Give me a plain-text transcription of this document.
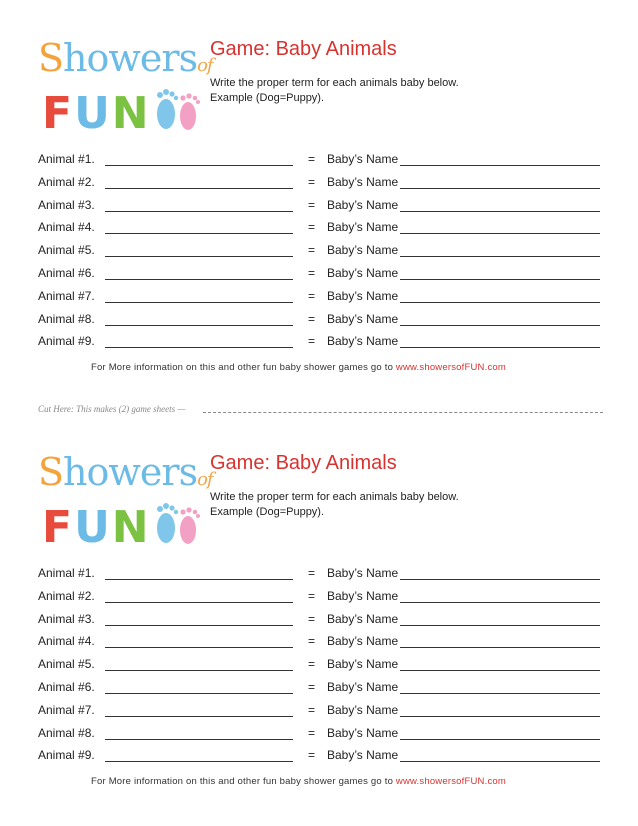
Showersof
FUN
Game: Baby Animals
Write the proper term for each animals baby below.
Example (Dog=Puppy).
Animal #1.	= Baby’s Name
Animal #2.	= Baby’s Name
Animal #3.	= Baby’s Name
Animal #4.	= Baby’s Name
Animal #5.	= Baby’s Name
Animal #6.	= Baby’s Name
Animal #7.	= Baby’s Name
Animal #8.	= Baby’s Name
Animal #9.	= Baby’s Name
For More information on this and other fun baby shower games go to www.showersofFUN.com
Cut Here: This makes (2) game sheets —
Showersof
FUN
Game: Baby Animals
Write the proper term for each animals baby below.
Example (Dog=Puppy).
Animal #1.	= Baby’s Name
Animal #2.	= Baby’s Name
Animal #3.	= Baby’s Name
Animal #4.	= Baby’s Name
Animal #5.	= Baby’s Name
Animal #6.	= Baby’s Name
Animal #7.	= Baby’s Name
Animal #8.	= Baby’s Name
Animal #9.	= Baby’s Name
For More information on this and other fun baby shower games go to www.showersofFUN.com
